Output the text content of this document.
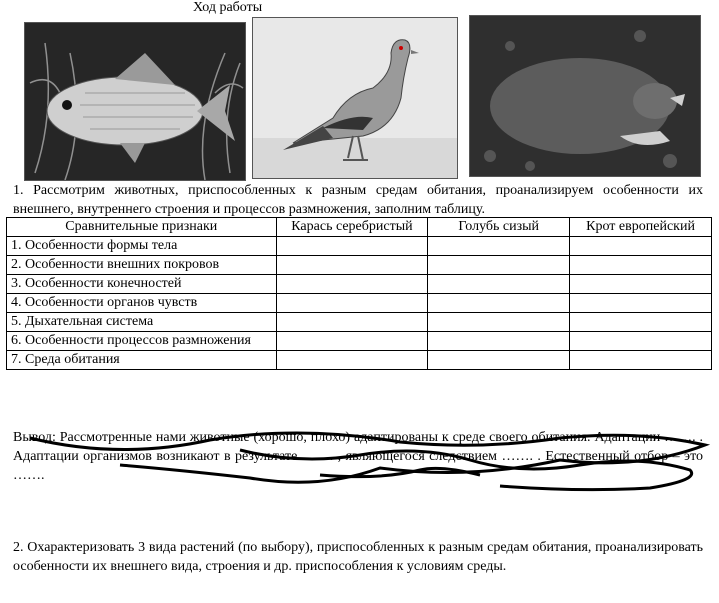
Ход работы
1. Рассмотрим животных, приспособленных к разным средам обитания, проанализируем особенности их внешнего, внутреннего строения и процессов размножения, заполним таблицу.
Сравнительные признаки	Карась серебристый	Голубь сизый	Крот европейский
1. Особенности формы тела			
2. Особенности внешних покровов			
3. Особенности конечностей			
4. Особенности органов чувств			
5. Дыхательная система			
6. Особенности процессов размножения			
7. Среда обитания			
Вывод: Рассмотренные нами животные (хорошо, плохо) адаптированы к среде своего обитания. Адаптации ……. . Адаптации организмов возникают в результате ……. , являющегося следствием ……. . Естественный отбор – это …….
2. Охарактеризовать 3 вида растений (по выбору), приспособленных к разным средам обитания, проанализировать особенности их внешнего вида, строения и др. приспособления к условиям среды.
